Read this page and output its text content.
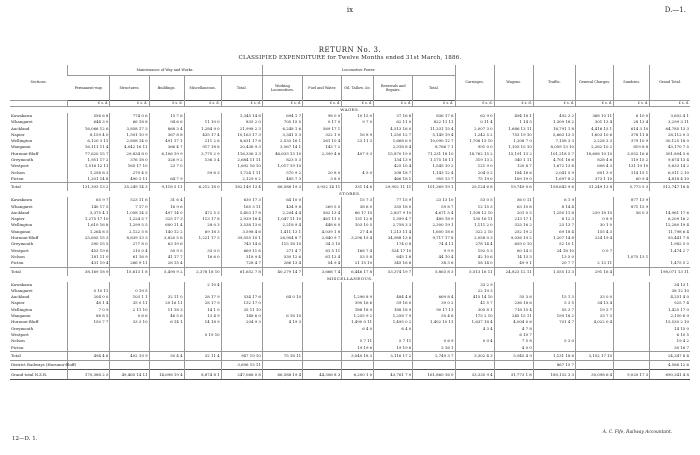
ix	D.—1.
RETURN No. 3.
CLASSIFIED EXPENDITURE for Twelve Months ended 31st March, 1886.
Sections.	Maintenance of Way and Works.					Locomotive Power.					Carriages.	Wagons.	Traffic.	General Charges.	Sundries.	Grand Total.
	Permanent-way.	Structures.	Buildings.	Miscellaneous.	Total.	Working Locomotives.	Fuel and Water.	Oil, Tallow, &c.	Renewals and Repairs.	Total.						
	£ s. d.	£ s. d.	£ s. d.	£ s. d.	£ s. d.	£ s. d.	£ s. d.	£ s. d.	£ s. d.	£ s. d.	£ s. d.	£ s. d.	£ s. d.	£ s. d.	£ s. d.	£ s. d.
WAGES.																
Kawakawa	556 6 8	774 0 6	15 7 6		1,345 14 8	694 1 7	98 0 0	10 15 0	37 16 8	836 17 6	62 9 0	494 18 1	492 3 2	368 10 11	6 10 0	3,602 4 1
Whangarei	644 3 0	66 18 8	94 6 6	11 10 0	835 2 0	705 15 5	0 17 0	9 7 0	62 11 0	822 11 11	0 11 4	1 14 5	1,309 18 2	301 13 4	28 13 4	3,299 3 11
Auckland	16,066 12 6	3,858 17 3	868 3 4	1,284 9 0	21,998 2 3	6,248 1 6	569 17 1		4,513 16 0	11,331 15 4	2,007 3 0	1,686 13 11	18,791 1 8	4,416 15 1	614 3 10	64,785 13 3
Napier	8,159 4 0	1,501 10 9	367 8 8	435 17 4	10,163 17 3	3,341 5 3	322 1 0	16 8 9	1,250 12 7	5,149 19 4	1,242 5 2	753 19 10	5,663 13 3	1,603 10 6	378 11 8	28,112 0 3
Wellington	6,120 3 11	2,808 14 0	491 17 1	211 2 6	8,631 17 6	2,533 16 1	261 10 4	23 11 3	1,668 6 0	10,090 12 7	1,708 15 10	1,208 7 0	7,158 3 3	2,228 3 3	379 10 9	30,125 18 0
Wanganui	16,111 11 4	4,042 16 11	366 4 7	917 18 8	20,436 9 3	3,567 14 1	143 7 2		2,318 8 4	8,766 7 1	991 0 0	1,105 15 10	8,059 13 10	2,262 10 2	819 8 8	43,170 7 5
Hurunui-Bluff	77,620 15 7	29,834 8 0	6,106 19 9	3,775 2 9	116,336 3 3	46,633 13 10	2,399 4 6	407 9 3	15,870 19 0	71,231 18 10	18,762 15 2	15,191 13 2	101,218 5 7	18,608 10 10	3,052 16 6	301,804 5 6
Greymouth	1,951 17 2	376 18 0	326 9 2	136 3 4	2,684 11 11	823 5 3			134 13 9	1,175 18 11	319 13 2	340 1 11	4,701 16 6	828 4 6	119 15 2	9,674 13 4
Westport	1,516 12 11	165 17 10	23 7 0		1,692 16 10	1,017 19 10			425 10 4	1,545 10 2	121 9 0	120 8 7	1,672 13 6	608 4 3	131 19 10	5,633 14 2
Nelson	1,258 8 3	270 4 5		59 6 3	1,724 1 11	570 9 2	20 8 0	4 5 0	208 18 7	1,143 12 4	204 0 2	184 18 6	2,041 5 9	601 3 0	114 15 1	6,011 2 10
Picton	1,201 14 8	490 3 11	64 7 9		2,129 0 2	485 7 3	3 8 0		466 18 1	955 13 7	75 19 0	169 19 0	1,697 8 2	373 1 10	60 9 4	4,818 4 10
Total	131,393 13 2	35,249 14 3	9,118 5 11	6,212 18 0	182,149 13 4	66,588 19 3	3,932 14 11	331 14 6	29,902 11 11	101,369 19 1	25,124 6 8	19,749 0 6	158,643 9 6	31,249 13 8	5,773 5 3	512,747 18 4
STORES.																
Kawakawa	65 9 7	523 11 6	31 6 4		630 17 3	64 10 0		15 7 3	77 15 9	23 13 10	53 0 5	56 0 11	6 1 9		877 13 9	
Whangarei	140 17 5	7 17 0	16 9 6		165 3 11	434 9 8	269 5 0	38 6 0	335 18 0	59 8 7	12 15 3	63 10 8	8 14 4		871 15 9	
Auckland	3,375 4 1	1,058 14 3	497 14 0	472 5 3	5,403 17 8	2,204 4 4	562 13 4	66 17 10	2,837 9 10	4,671 5 4	1,108 12 10	201 0 3	1,250 11 8	239 18 10	56 0 3	14,961 17 6
Napier	1,275 17 10	1,224 5 7	325 17 3	113 17 8	2,939 18 4	1,047 11 10	461 11 0	131 12 6	1,399 4 7	489 18 9	130 16 11	213 17 1	8 12 3	0 8 9		6,209 16 2
Wellington	1,610 16 8	1,299 5 5	600 11 4	28 0 3	3,538 13 6	2,218 9 4	448 6 0	103 10 5	2,758 3 3	2,300 19 1	1,111 2 0	325 16 2	23 13 7	30 1 0		12,280 19 4
Wanganui	1,264 8 5	2,122 5 8	140 12 2	69 18 3	3,598 4 6	1,411 13 1	4,039 1 8	27 4 6	1,213 11 4	1,600 18 6	322 2 10	252 19 2	69 18 4	155 4 3		11,798 6 4
Hurunui-Bluff	25,605 15 3	8,839 13 3	3,820 5 8	1,221 17 3	39,555 10 1	26,904 8 7	2,840 9 7	3,296 15 4	34,988 13 6	9,717 17 8	2,058 0 3	9,036 19 2	1,207 14 8	224 19 4		93,441 7 8
Greymouth	390 15 5	277 8 0	63 19 6		743 14 6	115 18 10	34 3 10		174 0 8	74 4 11	278 14 4	659 0 10	52 10 1			1,982 5 0
Westport	453 19 6	210 0 4	50 9 5	33 0 0	669 11 6	271 4 7	81 5 11	166 7 4	524 17 10	9 9 9	192 5 3	60 14 3	24 18 10	0 0 7		1,474 2 7
Nelson	181 11 0	61 16 9	41 17 7	16 6 0	318 9 4	530 12 6	61 13 4	53 5 8	645 1 6	44 10 4	42 10 6	14 13 3	13 5 0		1,075 13 1	
Picton	431 19 4	266 9 11	28 15 4		728 4 7	266 13 4	54 9 4	21 15 10	345 16 8	38 3 6	58 14 0	49 9 1	20 7 7	2 13 11		1,475 5 2
Total	38,169 18 9	15,613 1 8	5,490 9 2	2,378 18 10	61,652 7 8	40,279 14 7	3,668 7 4	6,446 17 8	53,374 19 7	5,863 8 3	5,513 16 11	24,823 12 11	1,555 13 3	291 16 4		198,071 13 11
MISCELLANEOUS.																
Kawakawa				2 10 4							33 2 9					34 13 1
Whangarei	0 10 11	0 19 5									22 19 3					38 12 10
Auckland	204 0 0	103 1 1	32 11 0	28 17 9	534 17 6	64 0 10		1,296 8 9	484 4 6	669 8 4	415 14 10	55 3 6	15 1 3	33 0 0		4,251 4 0
Napier	48 1 4	35 0 11	20 16 11	28 17 9	132 17 0			390 16 6	59 16 0	39 0 2	41 5 7	236 18 6	5 3 5	34 13 4		925 7 4
Wellington	7 0 9	2 11 10	11 18 3	14 1 0	35 11 10			188 18 9	188 18 9	90 17 11	305 8 1	718 15 4	55 3 7	19 3 7		1,425 17 0
Wanganui	88 8 5	0 6 6	46 5 6	13 4 9	148 6 0	6 18 10		1,255 9 2	1,258 7 9	55 4 6	175 2 10	245 15 11	199 18 2	33 7 3		2,150 6 9
Hurunui-Bluff	150 7 7	33 3 10	6 14 1	14 18 9	204 9 3	4 19 3		1,490 0 11	1,495 0 2	1,402 10 11	1,637 18 4	4,004 0 6	701 4 7	4,022 0 4		15,530 2 10
Greymouth								6 4 0	6 4 0		4 3 4	4 7 8				14 15 0
Westport				0 19 10								6 10 7				6 10 5
Nelson								5 7 11	5 7 11	0 6 9	0 0 4	7 5 8	5 3 0			19 4 2
Picton								19 19 6	19 19 6	3 16 1		4 0 0				30 16 7
Total	494 4 6	402 19 9	50 4 4	32 11 4	947 19 10	75 18 11		3,040 18 3	3,116 17 2	2,749 3 7	3,302 4 3	5,945 4 9	1,131 18 6	3,152 17 10		24,347 8 4
District Railways (Hurunui-Bluff)					3,696 15 11								867 15 7			4,588 12 6
Grand total N.Z.R.	170,388 2 5	49,465 14 11	14,698 19 4	8,874 8 1	247,066 0 8	66,588 19 4	44,306 8 3	6,200 1 0	43,761 7 0	161,860 16 0	33,335 9 4	31,773 1 8	180,132 3 3	35,098 6 4	9,020 17 3	690,341 4 8
A. C. Fife, Railway Accountant.
12—D. 1.
